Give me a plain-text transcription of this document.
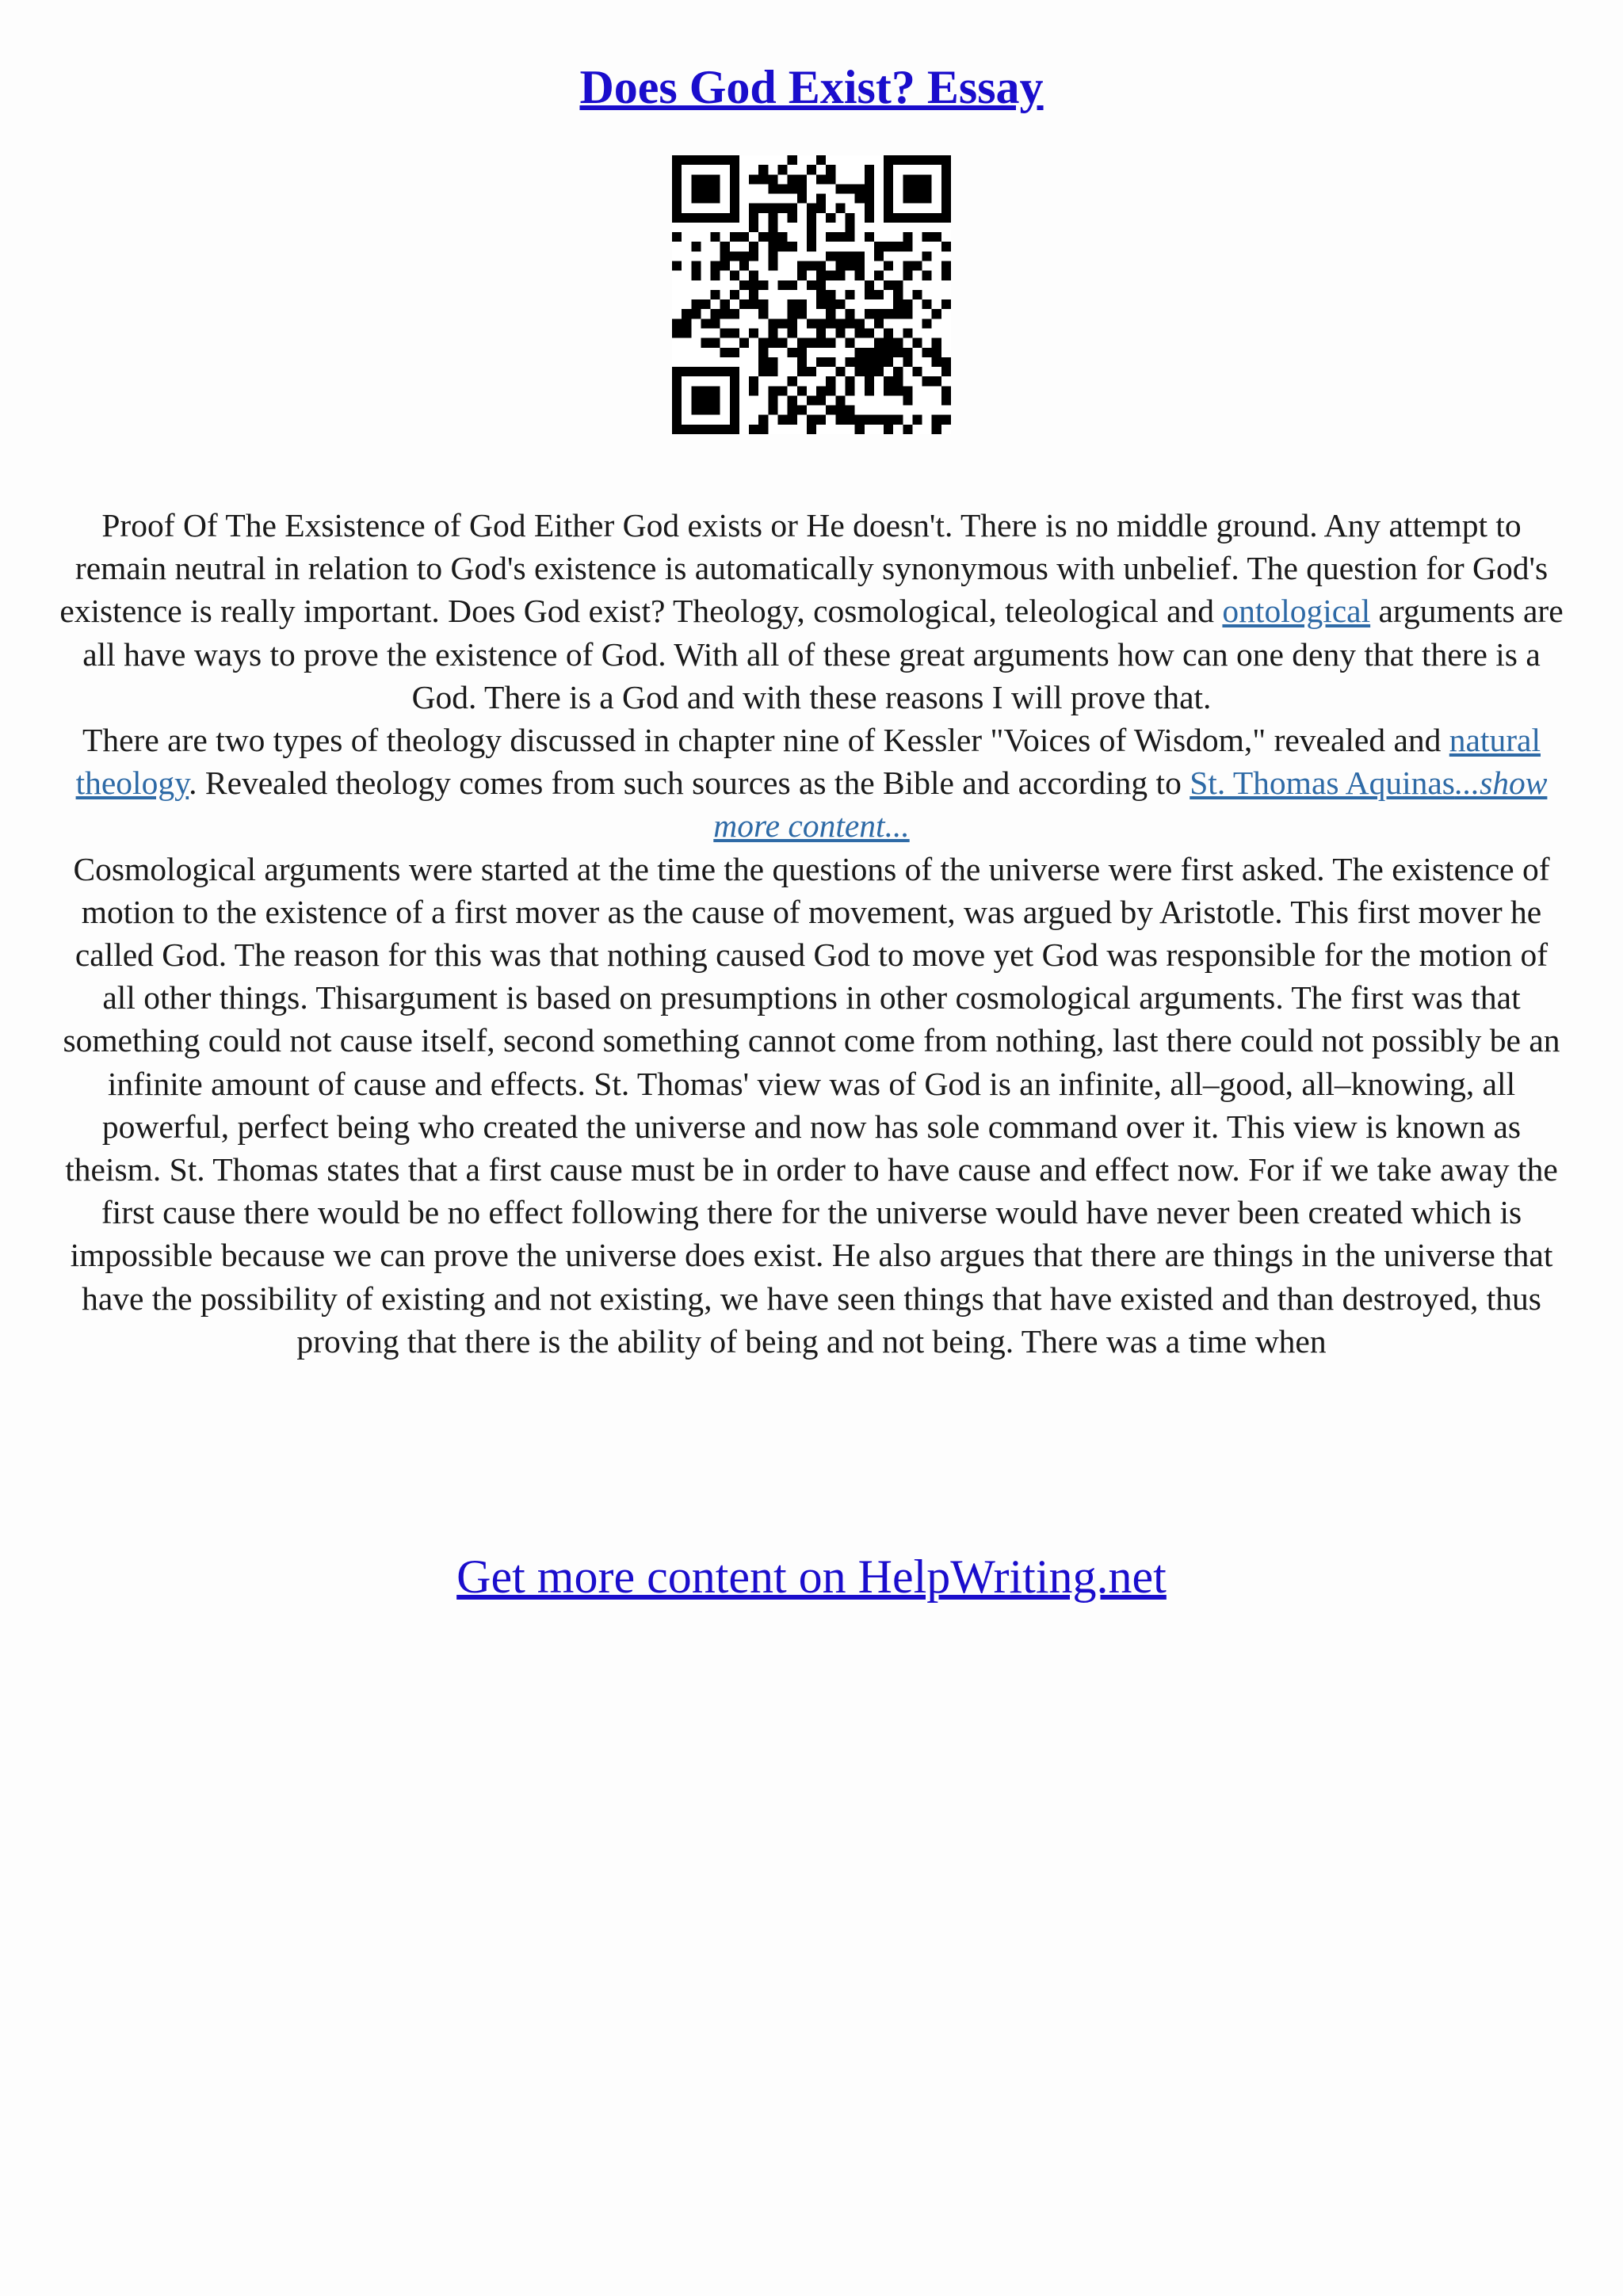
Does God Exist? Essay

Proof Of The Exsistence of God Either God exists or He doesn't. There is no middle ground. Any attempt to remain neutral in relation to God's existence is automatically synonymous with unbelief. The question for God's existence is really important. Does God exist? Theology, cosmological, teleological and ontological arguments are all have ways to prove the existence of God. With all of these great arguments how can one deny that there is a God. There is a God and with these reasons I will prove that.

There are two types of theology discussed in chapter nine of Kessler "Voices of Wisdom," revealed and natural theology. Revealed theology comes from such sources as the Bible and according to St. Thomas Aquinas...show more content...

Cosmological arguments were started at the time the questions of the universe were first asked. The existence of motion to the existence of a first mover as the cause of movement, was argued by Aristotle. This first mover he called God. The reason for this was that nothing caused God to move yet God was responsible for the motion of all other things. Thisargument is based on presumptions in other cosmological arguments. The first was that something could not cause itself, second something cannot come from nothing, last there could not possibly be an infinite amount of cause and effects. St. Thomas' view was of God is an infinite, all–good, all–knowing, all powerful, perfect being who created the universe and now has sole command over it. This view is known as theism. St. Thomas states that a first cause must be in order to have cause and effect now. For if we take away the first cause there would be no effect following there for the universe would have never been created which is impossible because we can prove the universe does exist. He also argues that there are things in the universe that have the possibility of existing and not existing, we have seen things that have existed and than destroyed, thus proving that there is the ability of being and not being. There was a time when

Get more content on HelpWriting.net
